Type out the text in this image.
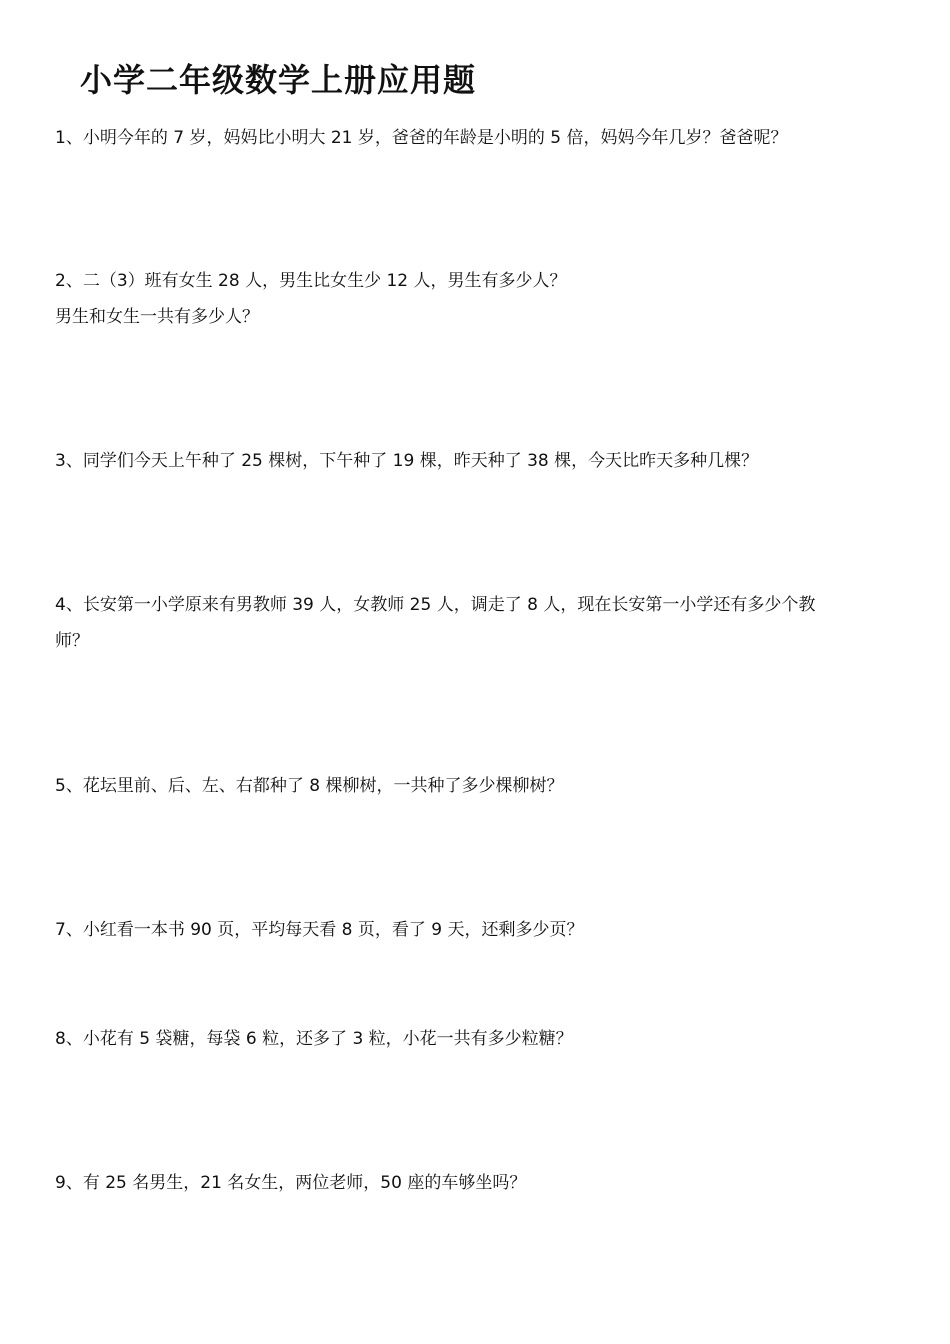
小学二年级数学上册应用题
1、小明今年的 7 岁，妈妈比小明大 21 岁，爸爸的年龄是小明的 5 倍，妈妈今年几岁？爸爸呢？
2、二（3）班有女生 28 人，男生比女生少 12 人，男生有多少人？
男生和女生一共有多少人？
3、同学们今天上午种了 25 棵树，下午种了 19 棵，昨天种了 38 棵，今天比昨天多种几棵？
4、长安第一小学原来有男教师 39 人，女教师 25 人，调走了 8 人，现在长安第一小学还有多少个教
师？
5、花坛里前、后、左、右都种了 8 棵柳树，一共种了多少棵柳树？
7、小红看一本书 90 页，平均每天看 8 页，看了 9 天，还剩多少页？
8、小花有 5 袋糖，每袋 6 粒，还多了 3 粒，小花一共有多少粒糖？
9、有 25 名男生，21 名女生，两位老师，50 座的车够坐吗？
